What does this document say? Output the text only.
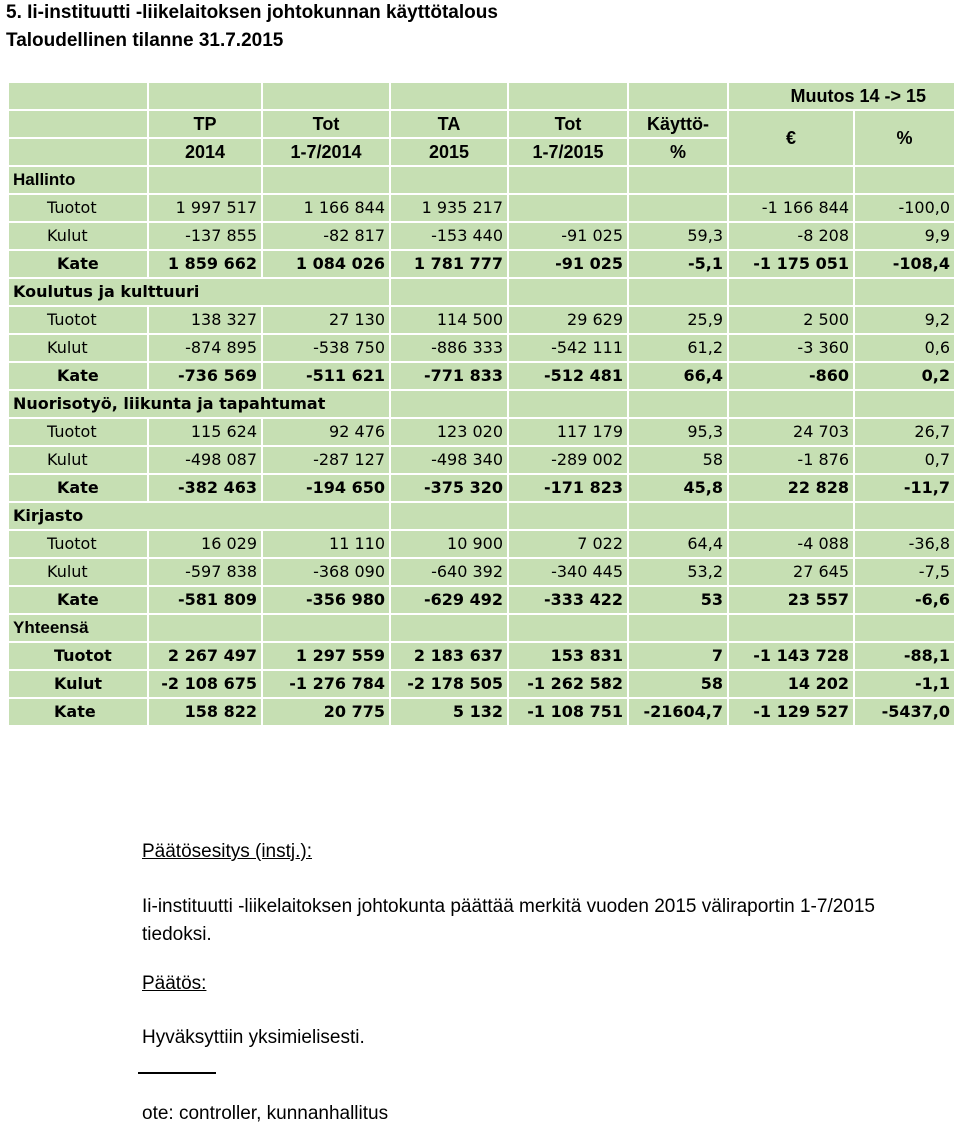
5. Ii-instituutti -liikelaitoksen johtokunnan käyttötalous
Taloudellinen tilanne 31.7.2015
						Muutos 14 -> 15	
	TP	Tot	TA	Tot	Käyttö-	€	%
	2014	1-7/2014	2015	1-7/2015	%		
Hallinto							
Tuotot	1 997 517	1 166 844	1 935 217			-1 166 844	-100,0
Kulut	-137 855	-82 817	-153 440	-91 025	59,3	-8 208	9,9
Kate	1 859 662	1 084 026	1 781 777	-91 025	-5,1	-1 175 051	-108,4
Koulutus ja kulttuuri							
Tuotot	138 327	27 130	114 500	29 629	25,9	2 500	9,2
Kulut	-874 895	-538 750	-886 333	-542 111	61,2	-3 360	0,6
Kate	-736 569	-511 621	-771 833	-512 481	66,4	-860	0,2
Nuorisotyö, liikunta ja tapahtumat							
Tuotot	115 624	92 476	123 020	117 179	95,3	24 703	26,7
Kulut	-498 087	-287 127	-498 340	-289 002	58	-1 876	0,7
Kate	-382 463	-194 650	-375 320	-171 823	45,8	22 828	-11,7
Kirjasto							
Tuotot	16 029	11 110	10 900	7 022	64,4	-4 088	-36,8
Kulut	-597 838	-368 090	-640 392	-340 445	53,2	27 645	-7,5
Kate	-581 809	-356 980	-629 492	-333 422	53	23 557	-6,6
Yhteensä							
Tuotot	2 267 497	1 297 559	2 183 637	153 831	7	-1 143 728	-88,1
Kulut	-2 108 675	-1 276 784	-2 178 505	-1 262 582	58	14 202	-1,1
Kate	158 822	20 775	5 132	-1 108 751	-21604,7	-1 129 527	-5437,0
Päätösesitys (instj.):
Ii-instituutti -liikelaitoksen johtokunta päättää merkitä vuoden 2015 väliraportin 1-7/2015 tiedoksi.
Päätös:
Hyväksyttiin yksimielisesti.
ote: controller, kunnanhallitus
